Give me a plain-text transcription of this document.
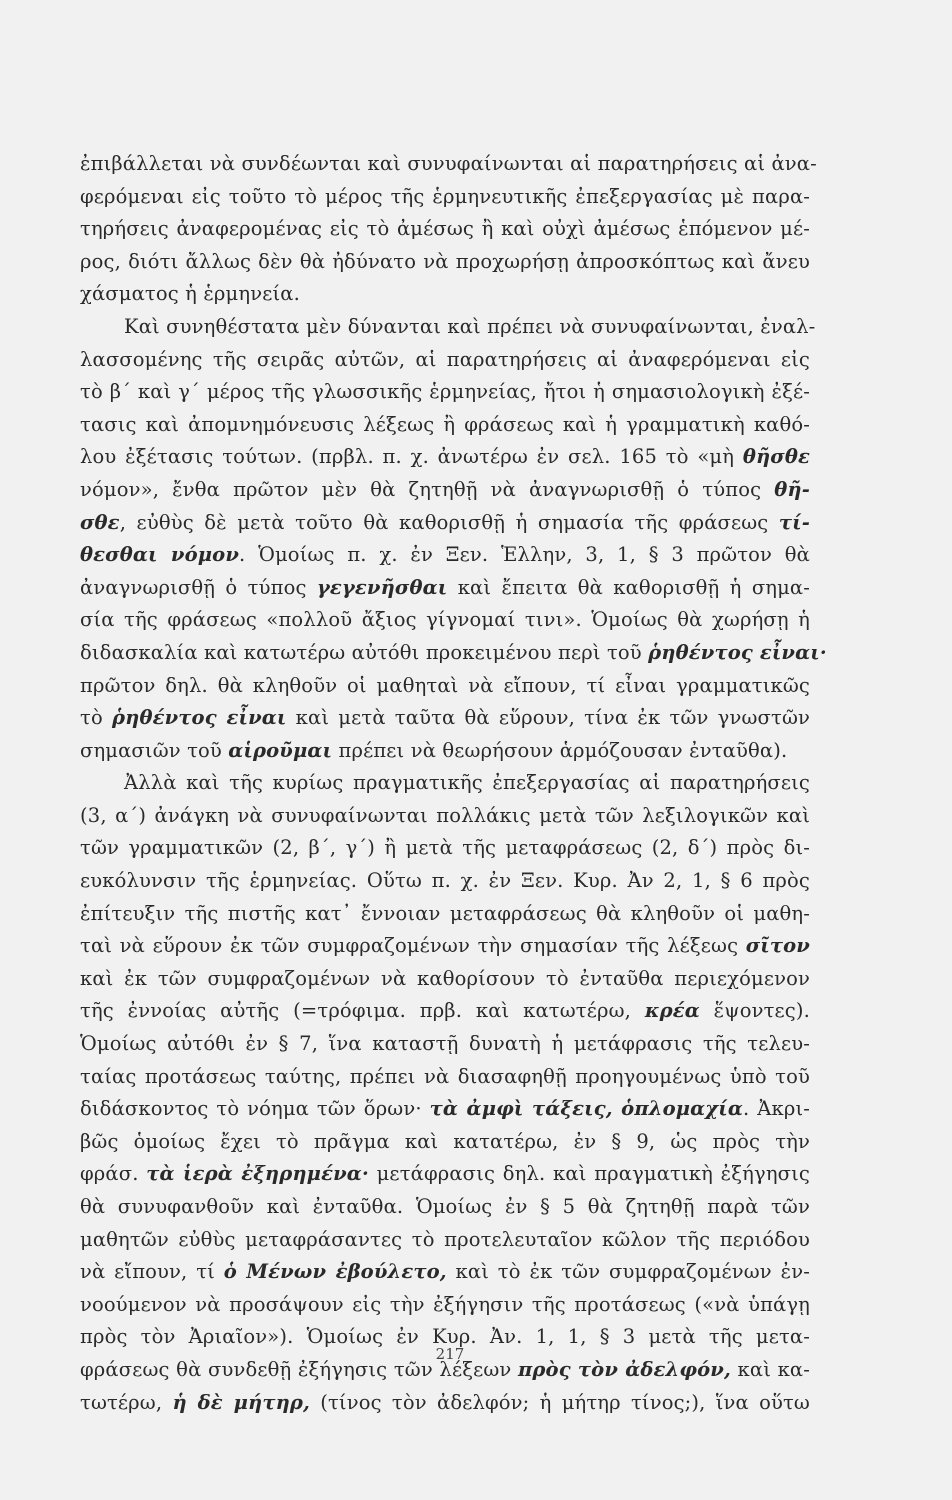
ἐπιβάλλεται νὰ συνδέωνται καὶ συνυφαίνωνται αἱ παρατηρήσεις αἱ ἀνα-
φερόμεναι εἰς τοῦτο τὸ μέρος τῆς ἑρμηνευτικῆς ἐπεξεργασίας μὲ παρα-
τηρήσεις ἀναφερομένας εἰς τὸ ἀμέσως ἢ καὶ οὐχὶ ἀμέσως ἑπόμενον μέ-
ρος, διότι ἄλλως δὲν θὰ ἠδύνατο νὰ προχωρήσῃ ἀπροσκόπτως καὶ ἄνευ
χάσματος ἡ ἑρμηνεία.
Καὶ συνηθέστατα μὲν δύνανται καὶ πρέπει νὰ συνυφαίνωνται, ἐναλ-
λασσομένης τῆς σειρᾶς αὐτῶν, αἱ παρατηρήσεις αἱ ἀναφερόμεναι εἰς
τὸ β΄ καὶ γ΄ μέρος τῆς γλωσσικῆς ἑρμηνείας, ἤτοι ἡ σημασιολογικὴ ἐξέ-
τασις καὶ ἀπομνημόνευσις λέξεως ἢ φράσεως καὶ ἡ γραμματικὴ καθό-
λου ἐξέτασις τούτων. (πρβλ. π. χ. ἀνωτέρω ἐν σελ. 165 τὸ «μὴ θῆσθε
νόμον», ἔνθα πρῶτον μὲν θὰ ζητηθῇ νὰ ἀναγνωρισθῇ ὁ τύπος θῆ-
σθε, εὐθὺς δὲ μετὰ τοῦτο θὰ καθορισθῇ ἡ σημασία τῆς φράσεως τί-
θεσθαι νόμον. Ὁμοίως π. χ. ἐν Ξεν. Ἑλλην, 3, 1, § 3 πρῶτον θὰ
ἀναγνωρισθῇ ὁ τύπος γεγενῆσθαι καὶ ἔπειτα θὰ καθορισθῇ ἡ σημα-
σία τῆς φράσεως «πολλοῦ ἄξιος γίγνομαί τινι». Ὁμοίως θὰ χωρήσῃ ἡ
διδασκαλία καὶ κατωτέρω αὐτόθι προκειμένου περὶ τοῦ ῥηθέντος εἶναι·
πρῶτον δηλ. θὰ κληθοῦν οἱ μαθηταὶ νὰ εἴπουν, τί εἶναι γραμματικῶς
τὸ ῥηθέντος εἶναι καὶ μετὰ ταῦτα θὰ εὕρουν, τίνα ἐκ τῶν γνωστῶν
σημασιῶν τοῦ αἱροῦμαι πρέπει νὰ θεωρήσουν ἁρμόζουσαν ἐνταῦθα).
Ἀλλὰ καὶ τῆς κυρίως πραγματικῆς ἐπεξεργασίας αἱ παρατηρήσεις
(3, α΄) ἀνάγκη νὰ συνυφαίνωνται πολλάκις μετὰ τῶν λεξιλογικῶν καὶ
τῶν γραμματικῶν (2, β΄, γ΄) ἢ μετὰ τῆς μεταφράσεως (2, δ΄) πρὸς δι-
ευκόλυνσιν τῆς ἑρμηνείας. Οὕτω π. χ. ἐν Ξεν. Κυρ. Ἀν 2, 1, § 6 πρὸς
ἐπίτευξιν τῆς πιστῆς κατ᾽ ἔννοιαν μεταφράσεως θὰ κληθοῦν οἱ μαθη-
ταὶ νὰ εὕρουν ἐκ τῶν συμφραζομένων τὴν σημασίαν τῆς λέξεως σῖτον
καὶ ἐκ τῶν συμφραζομένων νὰ καθορίσουν τὸ ἐνταῦθα περιεχόμενον
τῆς ἐννοίας αὐτῆς (=τρόφιμα. πρβ. καὶ κατωτέρω, κρέα ἕψοντες).
Ὁμοίως αὐτόθι ἐν § 7, ἵνα καταστῇ δυνατὴ ἡ μετάφρασις τῆς τελευ-
ταίας προτάσεως ταύτης, πρέπει νὰ διασαφηθῇ προηγουμένως ὑπὸ τοῦ
διδάσκοντος τὸ νόημα τῶν ὅρων· τὰ ἀμφὶ τάξεις, ὁπλομαχία. Ἀκρι-
βῶς ὁμοίως ἔχει τὸ πρᾶγμα καὶ κατατέρω, ἐν § 9, ὡς πρὸς τὴν
φράσ. τὰ ἱερὰ ἐξηρημένα· μετάφρασις δηλ. καὶ πραγματικὴ ἐξήγησις
θὰ συνυφανθοῦν καὶ ἐνταῦθα. Ὁμοίως ἐν § 5 θὰ ζητηθῇ παρὰ τῶν
μαθητῶν εὐθὺς μεταφράσαντες τὸ προτελευταῖον κῶλον τῆς περιόδου
νὰ εἴπουν, τί ὁ Μένων ἐβούλετο, καὶ τὸ ἐκ τῶν συμφραζομένων ἐν-
νοούμενον νὰ προσάψουν εἰς τὴν ἐξήγησιν τῆς προτάσεως («νὰ ὑπάγῃ
πρὸς τὸν Ἀριαῖον»). Ὁμοίως ἐν Κυρ. Ἀν. 1, 1, § 3 μετὰ τῆς μετα-
φράσεως θὰ συνδεθῇ ἐξήγησις τῶν λέξεων πρὸς τὸν ἀδελφόν, καὶ κα-
τωτέρω, ἡ δὲ μήτηρ, (τίνος τὸν ἀδελφόν; ἡ μήτηρ τίνος;), ἵνα οὕτω
217
